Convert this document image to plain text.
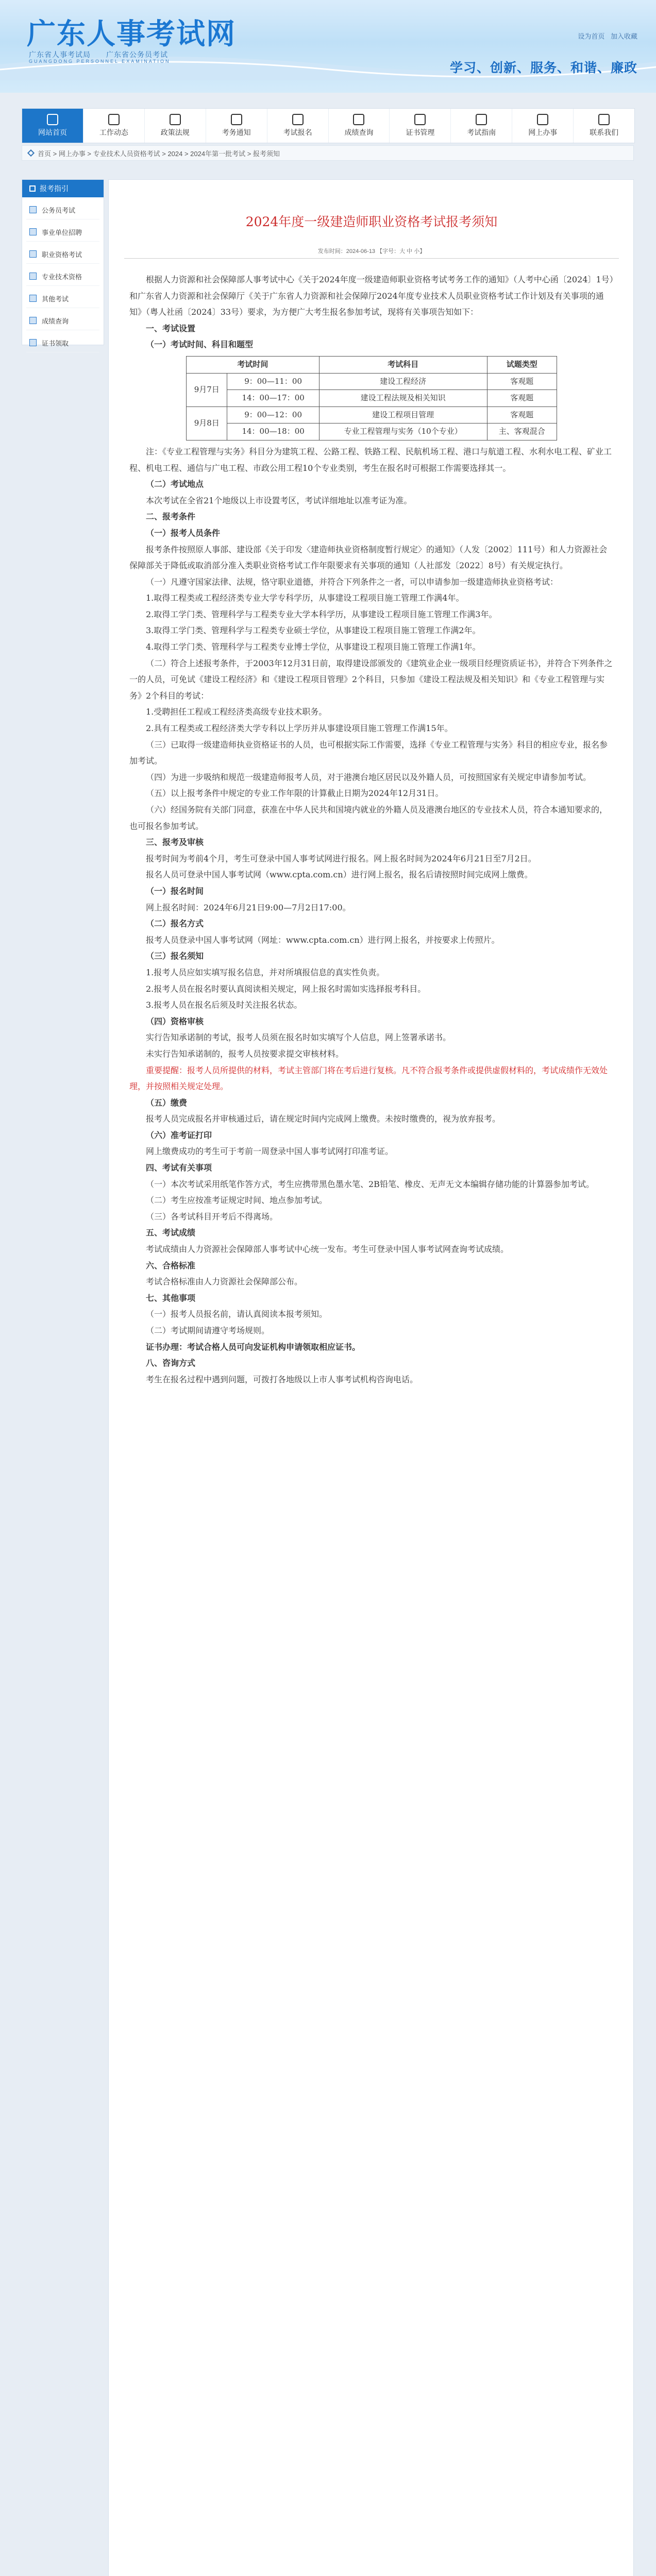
广东人事考试网
广东省人事考试局　　广东省公务员考试
GUANGDONG PERSONNEL EXAMINATION
设为首页 加入收藏
学习、创新、服务、和谐、廉政
网站首页	工作动态	政策法规	考务通知	考试报名	成绩查询	证书管理	考试指南	网上办事	联系我们
首页 > 网上办事 > 专业技术人员资格考试 > 2024 > 2024年第一批考试 > 报考须知
报考指引
公务员考试
事业单位招聘
职业资格考试
专业技术资格
其他考试
成绩查询
证书领取
2024年度一级建造师职业资格考试报考须知
发布时间：2024-06-13 【字号：大 中 小】

根据人力资源和社会保障部人事考试中心《关于2024年度一级建造师职业资格考试考务工作的通知》（人考中心函〔2024〕1号）和广东省人力资源和社会保障厅《关于广东省人力资源和社会保障厅2024年度专业技术人员职业资格考试工作计划及有关事项的通知》（粤人社函〔2024〕33号）要求，为方便广大考生报名参加考试，现将有关事项告知如下：

一、考试设置

（一）考试时间、科目和题型

考试时间		考试科目	试题类型
9月7日	9：00—11：00	建设工程经济	客观题
	14：00—17：00	建设工程法规及相关知识	客观题
9月8日	9：00—12：00	建设工程项目管理	客观题
	14：00—18：00	专业工程管理与实务（10个专业）	主、客观混合

注：《专业工程管理与实务》科目分为建筑工程、公路工程、铁路工程、民航机场工程、港口与航道工程、水利水电工程、矿业工程、机电工程、通信与广电工程、市政公用工程10个专业类别，考生在报名时可根据工作需要选择其一。

（二）考试地点

本次考试在全省21个地级以上市设置考区，考试详细地址以准考证为准。

二、报考条件

（一）报考人员条件

报考条件按照原人事部、建设部《关于印发〈建造师执业资格制度暂行规定〉的通知》（人发〔2002〕111号）和人力资源社会保障部关于降低或取消部分准入类职业资格考试工作年限要求有关事项的通知（人社部发〔2022〕8号）有关规定执行。

（一）凡遵守国家法律、法规，恪守职业道德，并符合下列条件之一者，可以申请参加一级建造师执业资格考试：

1.取得工程类或工程经济类专业大学专科学历，从事建设工程项目施工管理工作满4年。

2.取得工学门类、管理科学与工程类专业大学本科学历，从事建设工程项目施工管理工作满3年。

3.取得工学门类、管理科学与工程类专业硕士学位，从事建设工程项目施工管理工作满2年。

4.取得工学门类、管理科学与工程类专业博士学位，从事建设工程项目施工管理工作满1年。

（二）符合上述报考条件，于2003年12月31日前，取得建设部颁发的《建筑业企业一级项目经理资质证书》，并符合下列条件之一的人员，可免试《建设工程经济》和《建设工程项目管理》2个科目，只参加《建设工程法规及相关知识》和《专业工程管理与实务》2个科目的考试：

1.受聘担任工程或工程经济类高级专业技术职务。

2.具有工程类或工程经济类大学专科以上学历并从事建设项目施工管理工作满15年。

（三）已取得一级建造师执业资格证书的人员，也可根据实际工作需要，选择《专业工程管理与实务》科目的相应专业，报名参加考试。

（四）为进一步吸纳和规范一级建造师报考人员，对于港澳台地区居民以及外籍人员，可按照国家有关规定申请参加考试。

（五）以上报考条件中规定的专业工作年限的计算截止日期为2024年12月31日。

（六）经国务院有关部门同意，获准在中华人民共和国境内就业的外籍人员及港澳台地区的专业技术人员，符合本通知要求的，也可报名参加考试。

三、报考及审核

报考时间为考前4个月，考生可登录中国人事考试网进行报名。网上报名时间为2024年6月21日至7月2日。

报名人员可登录中国人事考试网（www.cpta.com.cn）进行网上报名，报名后请按照时间完成网上缴费。

（一）报名时间

网上报名时间：2024年6月21日9:00—7月2日17:00。

（二）报名方式

报考人员登录中国人事考试网（网址：www.cpta.com.cn）进行网上报名，并按要求上传照片。

（三）报名须知

1.报考人员应如实填写报名信息，并对所填报信息的真实性负责。

2.报考人员在报名时要认真阅读相关规定，网上报名时需如实选择报考科目。

3.报考人员在报名后须及时关注报名状态。

（四）资格审核

实行告知承诺制的考试，报考人员须在报名时如实填写个人信息，网上签署承诺书。

未实行告知承诺制的，报考人员按要求提交审核材料。

重要提醒：报考人员所提供的材料，考试主管部门将在考后进行复核。凡不符合报考条件或提供虚假材料的，考试成绩作无效处理，并按照相关规定处理。

（五）缴费

报考人员完成报名并审核通过后，请在规定时间内完成网上缴费。未按时缴费的，视为放弃报考。

（六）准考证打印

网上缴费成功的考生可于考前一周登录中国人事考试网打印准考证。

四、考试有关事项

（一）本次考试采用纸笔作答方式，考生应携带黑色墨水笔、2B铅笔、橡皮、无声无文本编辑存储功能的计算器参加考试。

（二）考生应按准考证规定时间、地点参加考试。

（三）各考试科目开考后不得离场。

五、考试成绩

考试成绩由人力资源社会保障部人事考试中心统一发布。考生可登录中国人事考试网查询考试成绩。

六、合格标准

考试合格标准由人力资源社会保障部公布。

七、其他事项

（一）报考人员报名前，请认真阅读本报考须知。

（二）考试期间请遵守考场规则。

证书办理：考试合格人员可向发证机构申请领取相应证书。

八、咨询方式

考生在报名过程中遇到问题，可拨打各地级以上市人事考试机构咨询电话。
